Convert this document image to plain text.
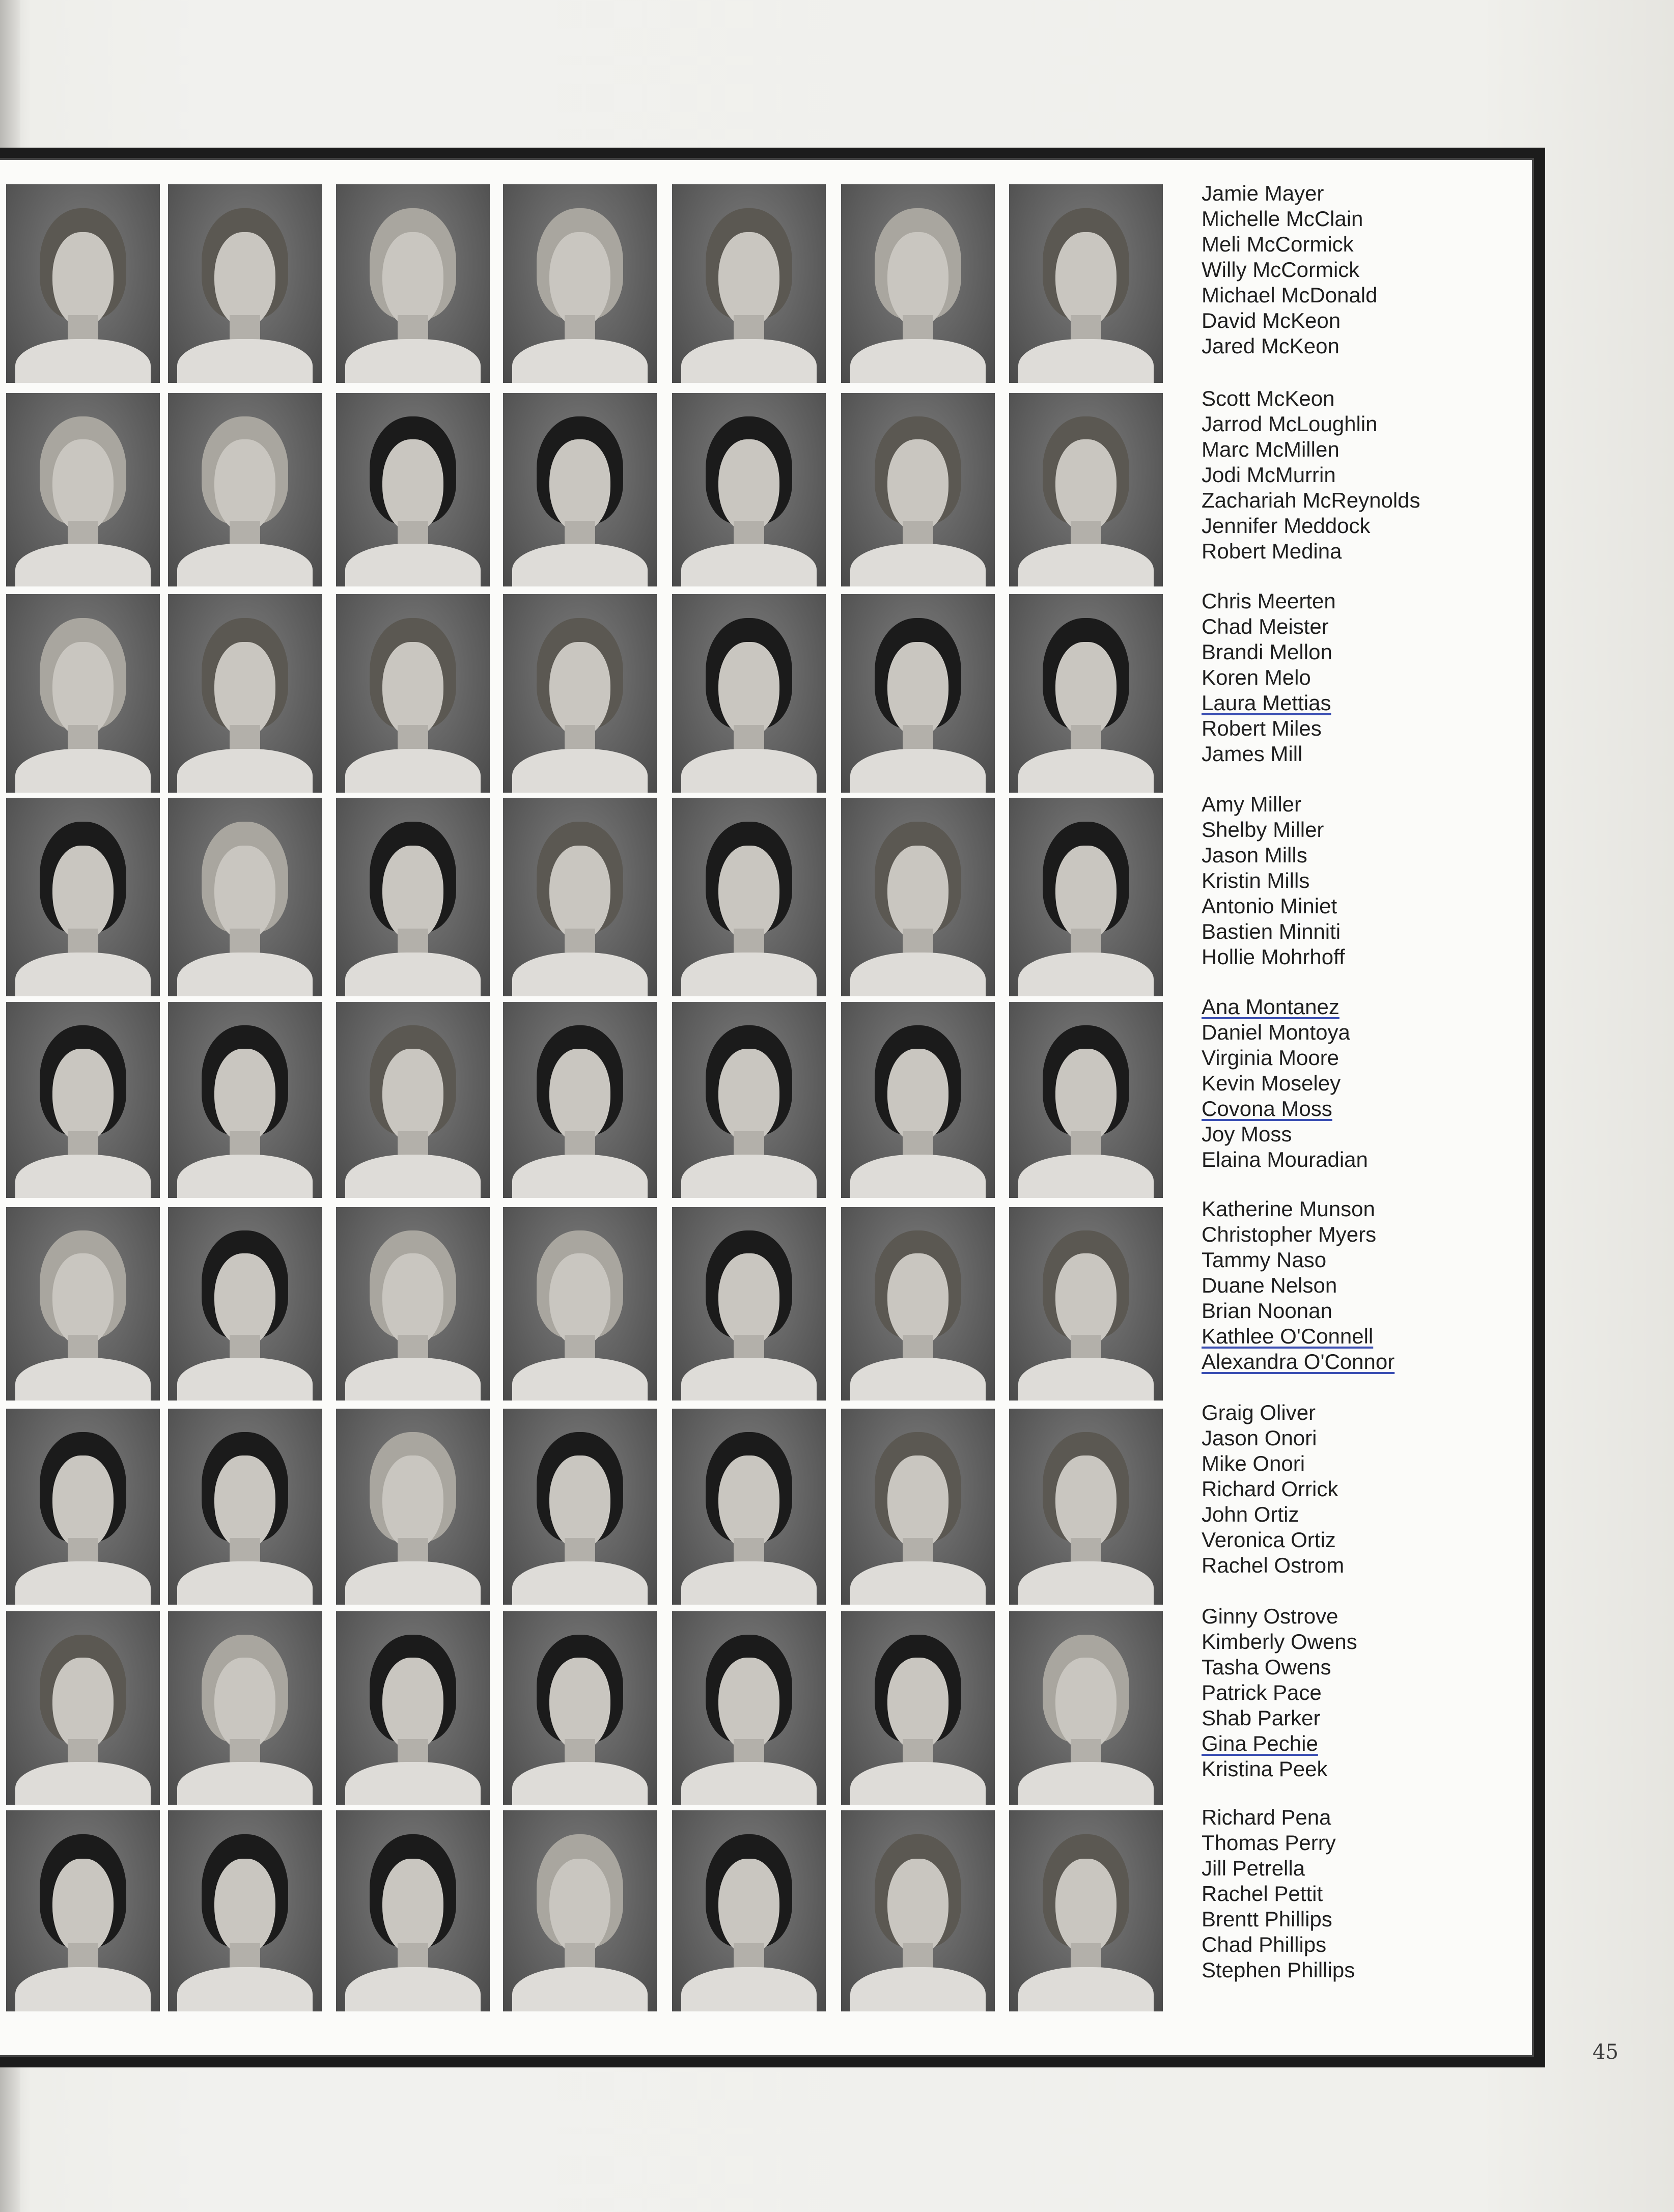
Jamie Mayer
Michelle McClain
Meli McCormick
Willy McCormick
Michael McDonald
David McKeon
Jared McKeon
Scott McKeon
Jarrod McLoughlin
Marc McMillen
Jodi McMurrin
Zachariah McReynolds
Jennifer Meddock
Robert Medina
Chris Meerten
Chad Meister
Brandi Mellon
Koren Melo
Laura Mettias
Robert Miles
James Mill
Amy Miller
Shelby Miller
Jason Mills
Kristin Mills
Antonio Miniet
Bastien Minniti
Hollie Mohrhoff
Ana Montanez
Daniel Montoya
Virginia Moore
Kevin Moseley
Covona Moss
Joy Moss
Elaina Mouradian
Katherine Munson
Christopher Myers
Tammy Naso
Duane Nelson
Brian Noonan
Kathlee O'Connell
Alexandra O'Connor
Graig Oliver
Jason Onori
Mike Onori
Richard Orrick
John Ortiz
Veronica Ortiz
Rachel Ostrom
Ginny Ostrove
Kimberly Owens
Tasha Owens
Patrick Pace
Shab Parker
Gina Pechie
Kristina Peek
Richard Pena
Thomas Perry
Jill Petrella
Rachel Pettit
Brentt Phillips
Chad Phillips
Stephen Phillips
45
